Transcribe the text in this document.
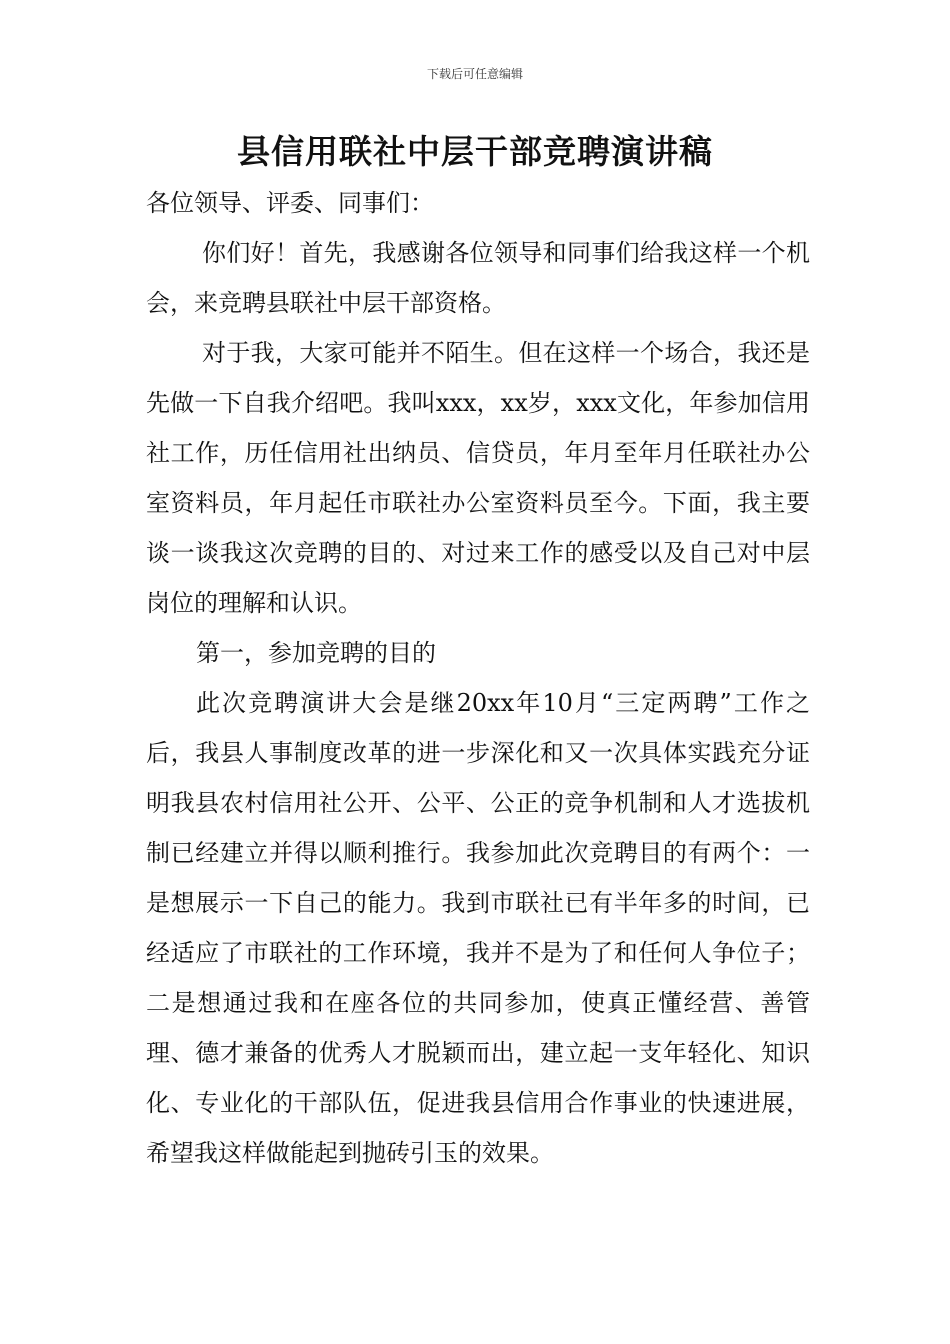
下载后可任意编辑
县信用联社中层干部竞聘演讲稿

各位领导、评委、同事们：

你们好！首先，我感谢各位领导和同事们给我这样一个机会，来竞聘县联社中层干部资格。

对于我，大家可能并不陌生。但在这样一个场合，我还是先做一下自我介绍吧。我叫xxx，xx岁，xxx文化，年参加信用社工作，历任信用社出纳员、信贷员，年月至年月任联社办公室资料员，年月起任市联社办公室资料员至今。下面，我主要谈一谈我这次竞聘的目的、对过来工作的感受以及自己对中层岗位的理解和认识。

第一，参加竞聘的目的

此次竞聘演讲大会是继20xx年10月“三定两聘”工作之后，我县人事制度改革的进一步深化和又一次具体实践充分证明我县农村信用社公开、公平、公正的竞争机制和人才选拔机制已经建立并得以顺利推行。我参加此次竞聘目的有两个：一是想展示一下自己的能力。我到市联社已有半年多的时间，已经适应了市联社的工作环境，我并不是为了和任何人争位子；二是想通过我和在座各位的共同参加，使真正懂经营、善管理、德才兼备的优秀人才脱颖而出，建立起一支年轻化、知识化、专业化的干部队伍，促进我县信用合作事业的快速进展，希望我这样做能起到抛砖引玉的效果。
